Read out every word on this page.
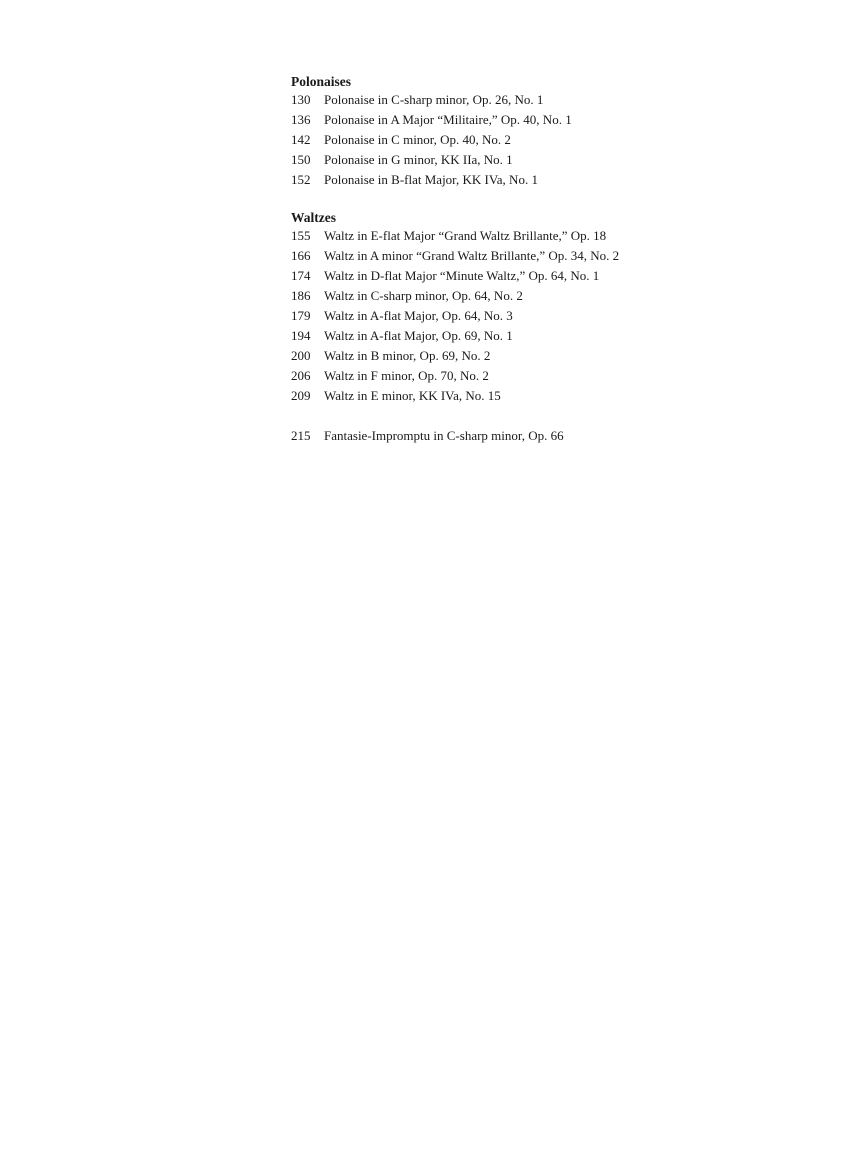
Polonaises
130	Polonaise in C-sharp minor, Op. 26, No. 1
136	Polonaise in A Major “Militaire,” Op. 40, No. 1
142	Polonaise in C minor, Op. 40, No. 2
150	Polonaise in G minor, KK IIa, No. 1
152	Polonaise in B-flat Major, KK IVa, No. 1
Waltzes
155	Waltz in E-flat Major “Grand Waltz Brillante,” Op. 18
166	Waltz in A minor “Grand Waltz Brillante,” Op. 34, No. 2
174	Waltz in D-flat Major “Minute Waltz,” Op. 64, No. 1
186	Waltz in C-sharp minor, Op. 64, No. 2
179	Waltz in A-flat Major, Op. 64, No. 3
194	Waltz in A-flat Major, Op. 69, No. 1
200	Waltz in B minor, Op. 69, No. 2
206	Waltz in F minor, Op. 70, No. 2
209	Waltz in E minor, KK IVa, No. 15
215	Fantasie-Impromptu in C-sharp minor, Op. 66
